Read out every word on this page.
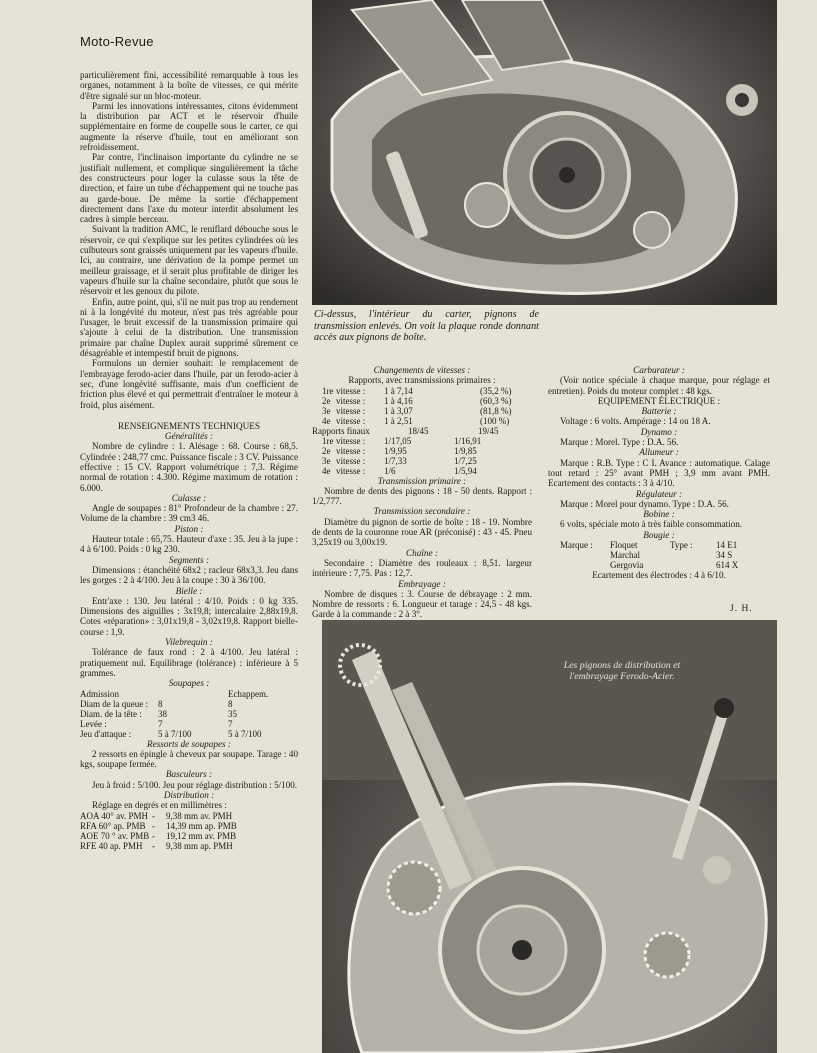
Moto-Revue
Ci-dessus, l'intérieur du carter, pignons de transmission enlevés. On voit la plaque ronde donnant accès aux pignons de boîte.
Les pignons de distribution et l'embrayage Ferodo-Acier.

particulièrement fini, accessibilité remarquable à tous les organes, notamment à la boîte de vitesses, ce qui mérite d'être signalé sur un bloc-moteur.

Parmi les innovations intéressantes, citons évidemment la distribution par ACT et le réservoir d'huile supplémentaire en forme de coupelle sous le carter, ce qui augmente la réserve d'huile, tout en améliorant son refroidissement.

Par contre, l'inclinaison importante du cylindre ne se justifiait nullement, et complique singulièrement la tâche des constructeurs pour loger la culasse sous la tête de direction, et faire un tube d'échappement qui ne touche pas au garde-boue. De même la sortie d'échappement directement dans l'axe du moteur interdit absolument les cadres à simple berceau.

Suivant la tradition AMC, le reniflard débouche sous le réservoir, ce qui s'explique sur les petites cylindrées où les culbuteurs sont graissés uniquement par les vapeurs d'huile. Ici, au contraire, une dérivation de la pompe permet un meilleur graissage, et il serait plus profitable de diriger les vapeurs d'huile sur la chaîne secondaire, plutôt que sous le réservoir et les genoux du pilote.

Enfin, autre point, qui, s'il ne nuit pas trop au rendement ni à la longévité du moteur, n'est pas très agréable pour l'usager, le bruit excessif de la transmission primaire qui s'ajoute à celui de la distribution. Une transmission primaire par chaîne Duplex aurait supprimé sûrement ce désagréable et intempestif bruit de pignons.

Formulons un dernier souhait: le remplacement de l'embrayage ferodo-acier dans l'huile, par un ferodo-acier à sec, d'une longévité suffisante, mais d'un coefficient de friction plus élevé et qui permettrait d'entraîner le moteur à froid, plus aisément.

RENSEIGNEMENTS TECHNIQUES
Généralités :

Nombre de cylindre : 1. Alésage : 68. Course : 68,5. Cylindrée : 248,77 cmc. Puissance fiscale : 3 CV. Puissance effective : 15 CV. Rapport volumétrique : 7,3. Régime normal de rotation : 4.300. Régime maximum de rotation : 6.000.

Culasse :

Angle de soupapes : 81° Profondeur de la chambre : 27. Volume de la chambre : 39 cm3 46.

Piston :

Hauteur totale : 65,75. Hauteur d'axe : 35. Jeu à la jupe : 4 à 6/100. Poids : 0 kg 230.

Segments :

Dimensions : étanchéité 68x2 ; racleur 68x3,3. Jeu dans les gorges : 2 à 4/100. Jeu à la coupe : 30 à 36/100.

Bielle :

Entr'axe : 130. Jeu latéral : 4/10. Poids : 0 kg 335. Dimensions des aiguilles : 3x19,8; intercalaire 2,88x19,8. Cotes «réparation» : 3,01x19,8 - 3,02x19,8. Rapport bielle-course : 1,9.

Vilebrequin :

Tolérance de faux rond : 2 à 4/100. Jeu latéral : pratiquement nul. Equilibrage (tolérance) : inférieure à 5 grammes.

Soupapes :
Admission	Echappem.
Diam de la queue :	8	8
Diam. de la tête :	38	35
Levée :	7	7
Jeu d'attaque :	5 à 7/100	5 à 7/100
Ressorts de soupapes :

2 ressorts en épingle à cheveux par soupape. Tarage : 40 kgs, soupape fermée.

Basculeurs :

Jeu à froid : 5/100. Jeu pour réglage distribution : 5/100.

Distribution :

Réglage en degrés et en millimètres :

AOA 40° av. PMH -	9,38 mm av. PMH
RFA 60° ap. PMB -	14,39 mm ap. PMB
AOE 70 ° av. PMB -	19,12 mm av. PMB
RFE 40 ap. PMH	-	9,38 mm ap. PMH
Changements de vitesses :
Rapports, avec transmissions primaires :
1re vitesse :	1 à 7,14	(35,2 %)
2e vitesse :	1 à 4,16	(60,3 %)
3e vitesse :	1 à 3,07	(81,8 %)
4e vitesse :	1 à 2,51	(100 %)
Rapports finaux	18/45	19/45
1re vitesse :	1/17,05	1/16,91
2e vitesse :	1/9,95	1/9,85
3e vitesse :	1/7,33	1/7,25
4e vitesse :	1/6	1/5,94
Transmission primaire :

Nombre de dents des pignons : 18 - 50 dents. Rapport : 1/2,777.

Transmission secondaire :

Diamètre du pignon de sortie de boîte : 18 - 19. Nombre de dents de la couronne roue AR (préconisé) : 43 - 45. Pneu 3,25x19 ou 3,00x19.

Chaîne :

Secondaire : Diamètre des rouleaux : 8,51. largeur intérieure : 7,75. Pas : 12,7.

Embrayage :

Nombre de disques : 3. Course de débrayage : 2 mm. Nombre de ressorts : 6. Longueur et tarage : 24,5 - 48 kgs. Garde à la commande : 2 à 3°.

Carburateur :

(Voir notice spéciale à chaque marque, pour réglage et entretien). Poids du moteur complet : 48 kgs.

EQUIPEMENT ÉLECTRIQUE :
Batterie :

Voltage : 6 volts. Ampérage : 14 ou 18 A.

Dynamo :

Marque : Morel. Type : D.A. 56.

Allumeur :

Marque : R.B. Type : C I. Avance : automatique. Calage tout retard : 25° avant PMH ; 3,9 mm avant PMH. Ecartement des contacts : 3 à 4/10.

Régulateur :

Marque : Morel pour dynamo. Type : D.A. 56.

Bobine :

6 volts, spéciale moto à très faible consommation.

Bougie :
Marque :	Floquet	Type :	14 E1
Marchal	34 S
Gergovia	614 X
Ecartement des électrodes : 4 à 6/10.
J. H.
